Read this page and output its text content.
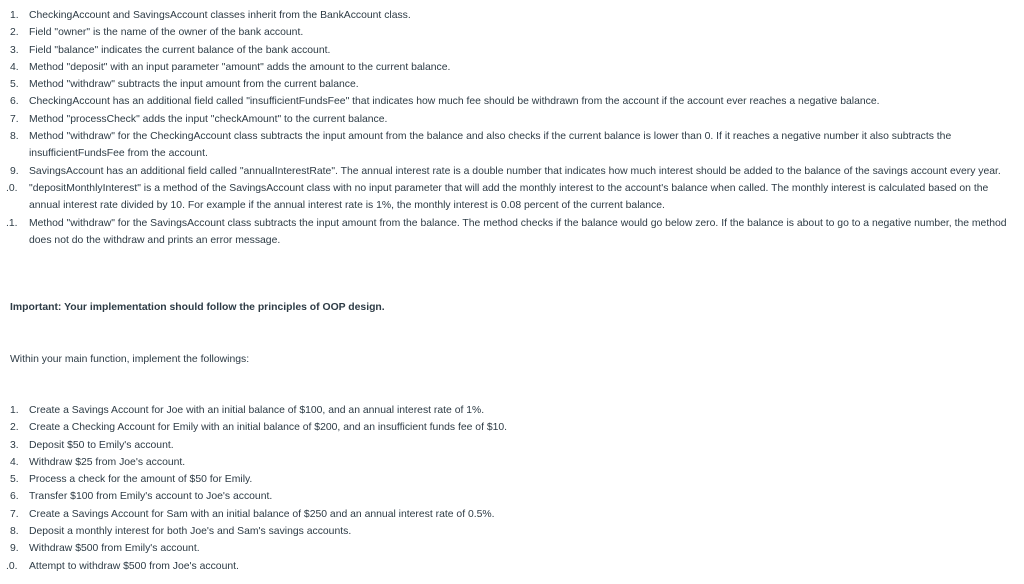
1. CheckingAccount and SavingsAccount classes inherit from the BankAccount class.
2. Field "owner" is the name of the owner of the bank account.
3. Field "balance" indicates the current balance of the bank account.
4. Method "deposit" with an input parameter "amount" adds the amount to the current balance.
5. Method "withdraw" subtracts the input amount from the current balance.
6. CheckingAccount has an additional field called "insufficientFundsFee" that indicates how much fee should be withdrawn from the account if the account ever reaches a negative balance.
7. Method "processCheck" adds the input "checkAmount" to the current balance.
8. Method "withdraw" for the CheckingAccount class subtracts the input amount from the balance and also checks if the current balance is lower than 0. If it reaches a negative number it also subtracts the insufficientFundsFee from the account.
9. SavingsAccount has an additional field called "annualInterestRate". The annual interest rate is a double number that indicates how much interest should be added to the balance of the savings account every year.
.0.	"depositMonthlyInterest" is a method of the SavingsAccount class with no input parameter that will add the monthly interest to the account's balance when called. The monthly interest is calculated based on the annual interest rate divided by 10. For example if the annual interest rate is 1%, the monthly interest is 0.08 percent of the current balance.
.1.	Method "withdraw" for the SavingsAccount class subtracts the input amount from the balance. The method checks if the balance would go below zero. If the balance is about to go to a negative number, the method does not do the withdraw and prints an error message.
Important: Your implementation should follow the principles of OOP design.
Within your main function, implement the followings:
1. Create a Savings Account for Joe with an initial balance of $100, and an annual interest rate of 1%.
2. Create a Checking Account for Emily with an initial balance of $200, and an insufficient funds fee of $10.
3. Deposit $50 to Emily's account.
4. Withdraw $25 from Joe's account.
5. Process a check for the amount of $50 for Emily.
6. Transfer $100 from Emily's account to Joe's account.
7. Create a Savings Account for Sam with an initial balance of $250 and an annual interest rate of 0.5%.
8. Deposit a monthly interest for both Joe's and Sam's savings accounts.
9. Withdraw $500 from Emily's account.
.0.	Attempt to withdraw $500 from Joe's account.
